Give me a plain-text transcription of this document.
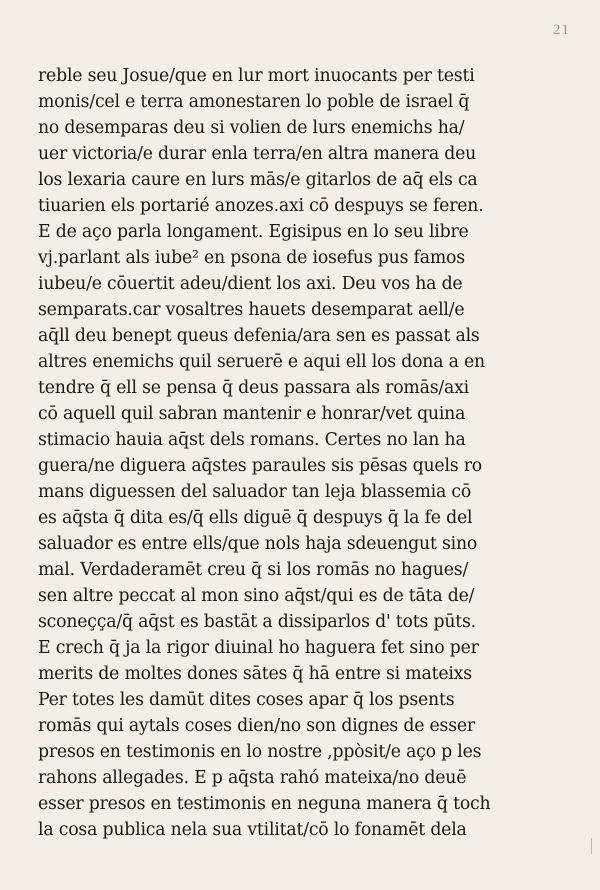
21
reble seu Josue/que en lur mort inuocants per testi
monis/cel e terra amonestaren lo poble de israel q̄
no desemparas deu si volien de lurs enemichs ha/
uer victoria/e durar enla terra/en altra manera deu
los lexaria caure en lurs mās/e gitarlos de aq̄ els ca
tiuarien els portarié anozes.axi cō despuys se feren.
E de aço parla longament. Egisipus en lo seu libre
vj.parlant als iube² en psona de iosefus pus famos
iubeu/e cōuertit adeu/dient los axi. Deu vos ha de
semparats.car vosaltres hauets desemparat aell/e
aq̄ll deu benept queus defenia/ara sen es passat als
altres enemichs quil seruerē e aqui ell los dona a en
tendre q̄ ell se pensa q̄ deus passara als romās/axi
cō aquell quil sabran mantenir e honrar/vet quina
stimacio hauia aq̄st dels romans. Certes no lan ha
guera/ne diguera aq̄stes paraules sis pēsas quels ro
mans diguessen del saluador tan leja blassemia cō
es aq̄sta q̄ dita es/q̄ ells diguē q̄ despuys q̄ la fe del
saluador es entre ells/que nols haja sdeuengut sino
mal. Verdaderamēt creu q̄ si los romās no hagues/
sen altre peccat al mon sino aq̄st/qui es de tāta de/
sconeçça/q̄ aq̄st es bastāt a dissiparlos d' tots pūts.
E crech q̄ ja la rigor diuinal ho haguera fet sino per
merits de moltes dones sātes q̄ hā entre si mateixs
Per totes les damūt dites coses apar q̄ los psents
romās qui aytals coses dien/no son dignes de esser
presos en testimonis en lo nostre ,ppòsit/e aço p les
rahons allegades. E p aq̄sta rahó mateixa/no deuē
esser presos en testimonis en neguna manera q̄ toch
la cosa publica nela sua vtilitat/cō lo fonamēt dela
